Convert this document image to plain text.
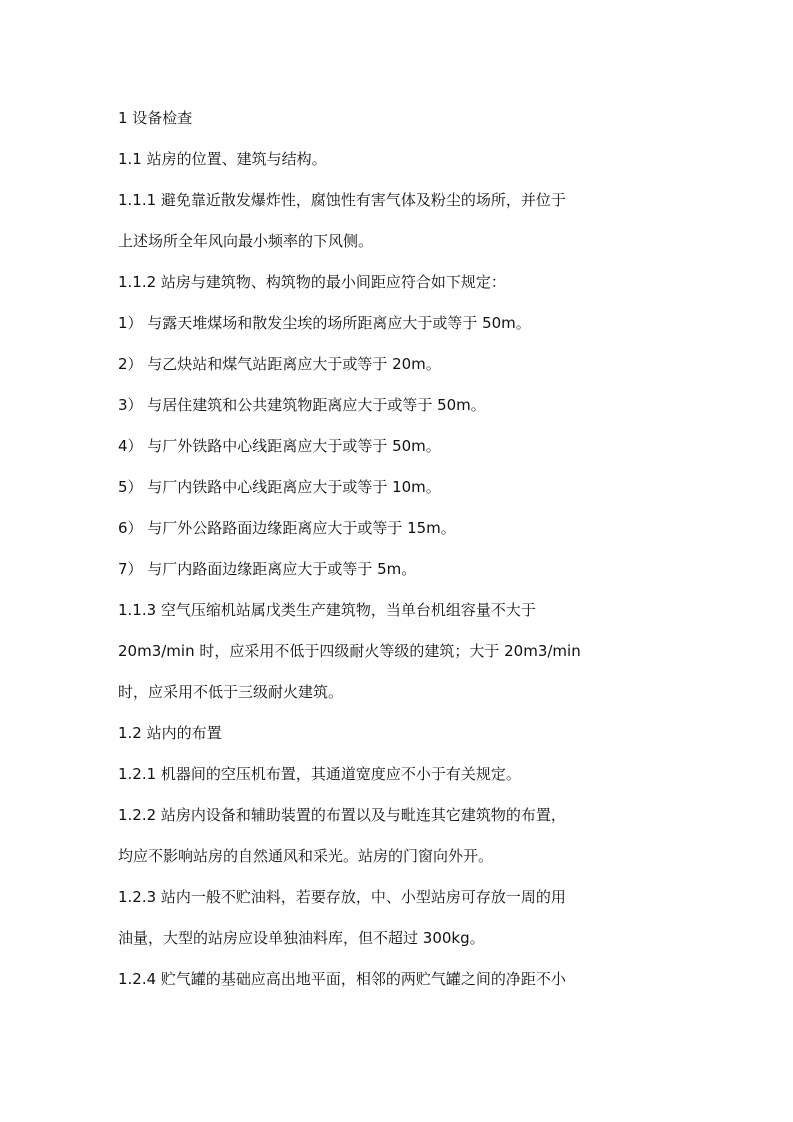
1 设备检查
1.1 站房的位置、建筑与结构。
1.1.1 避免靠近散发爆炸性，腐蚀性有害气体及粉尘的场所，并位于
上述场所全年风向最小频率的下风侧。
1.1.2 站房与建筑物、构筑物的最小间距应符合如下规定：
1） 与露天堆煤场和散发尘埃的场所距离应大于或等于 50m。
2） 与乙炔站和煤气站距离应大于或等于 20m。
3） 与居住建筑和公共建筑物距离应大于或等于 50m。
4） 与厂外铁路中心线距离应大于或等于 50m。
5） 与厂内铁路中心线距离应大于或等于 10m。
6） 与厂外公路路面边缘距离应大于或等于 15m。
7） 与厂内路面边缘距离应大于或等于 5m。
1.1.3 空气压缩机站属戊类生产建筑物，当单台机组容量不大于
20m3/min 时，应采用不低于四级耐火等级的建筑；大于 20m3/min
时，应采用不低于三级耐火建筑。
1.2 站内的布置
1.2.1 机器间的空压机布置，其通道宽度应不小于有关规定。
1.2.2 站房内设备和辅助装置的布置以及与毗连其它建筑物的布置，
均应不影响站房的自然通风和采光。站房的门窗向外开。
1.2.3 站内一般不贮油料，若要存放，中、小型站房可存放一周的用
油量，大型的站房应设单独油料库，但不超过 300kg。
1.2.4 贮气罐的基础应高出地平面，相邻的两贮气罐之间的净距不小
